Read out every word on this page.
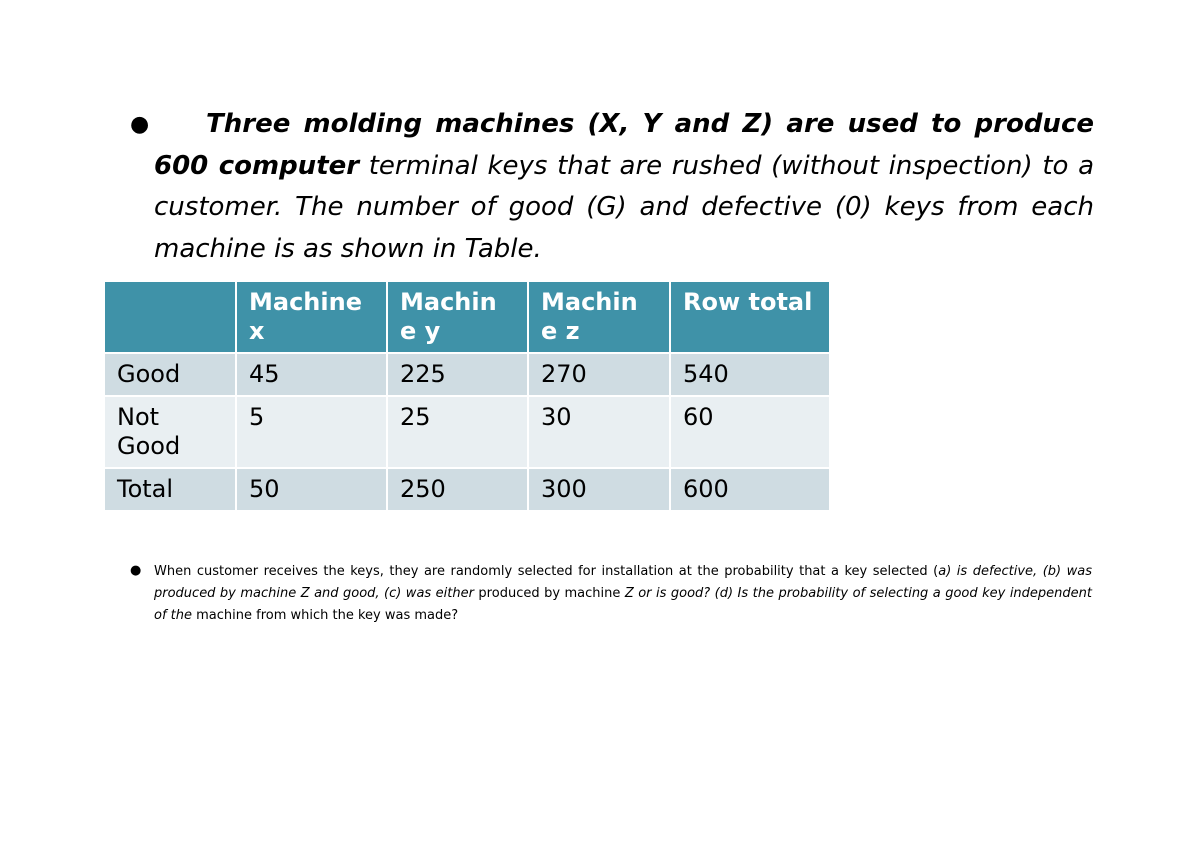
●	Three molding machines (X, Y and Z) are used to produce 600 computer terminal keys that are rushed (without inspection) to a customer. The number of good (G) and defective (0) keys from each machine is as shown in Table.
	Machine x	Machin e y	Machin e z	Row total
Good	45	225	270	540
Not Good	5	25	30	60
Total	50	250	300	600
● When customer receives the keys, they are randomly selected for installation at the probability that a key selected (a) is defective, (b) was produced by machine Z and good, (c) was either produced by machine Z or is good? (d) Is the probability of selecting a good key independent of the machine from which the key was made?
